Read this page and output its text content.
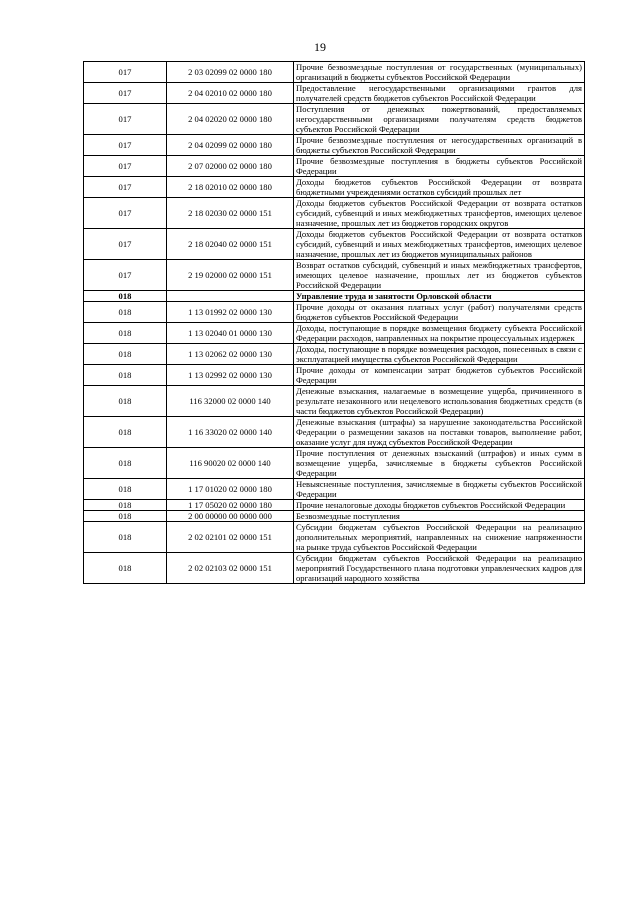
19
017	2 03 02099 02 0000 180	Прочие безвозмездные поступления от государственных (муниципальных) организаций в бюджеты субъектов Российской Федерации
017	2 04 02010 02 0000 180	Предоставление негосударственными организациями грантов для получателей средств бюджетов субъектов Российской Федерации
017	2 04 02020 02 0000 180	Поступления от денежных пожертвований, предоставляемых негосударственными организациями получателям средств бюджетов субъектов Российской Федерации
017	2 04 02099 02 0000 180	Прочие безвозмездные поступления от негосударственных организаций в бюджеты субъектов Российской Федерации
017	2 07 02000 02 0000 180	Прочие безвозмездные поступления в бюджеты субъектов Российской Федерации
017	2 18 02010 02 0000 180	Доходы бюджетов субъектов Российской Федерации от возврата бюджетными учреждениями остатков субсидий прошлых лет
017	2 18 02030 02 0000 151	Доходы бюджетов субъектов Российской Федерации от возврата остатков субсидий, субвенций и иных межбюджетных трансфертов, имеющих целевое назначение, прошлых лет из бюджетов городских округов
017	2 18 02040 02 0000 151	Доходы бюджетов субъектов Российской Федерации от возврата остатков субсидий, субвенций и иных межбюджетных трансфертов, имеющих целевое назначение, прошлых лет из бюджетов муниципальных районов
017	2 19 02000 02 0000 151	Возврат остатков субсидий, субвенций и иных межбюджетных трансфертов, имеющих целевое назначение, прошлых лет из бюджетов субъектов Российской Федерации
018		Управление труда и занятости Орловской области
018	1 13 01992 02 0000 130	Прочие доходы от оказания платных услуг (работ) получателями средств бюджетов субъектов Российской Федерации
018	1 13 02040 01 0000 130	Доходы, поступающие в порядке возмещения бюджету субъекта Российской Федерации расходов, направленных на покрытие процессуальных издержек
018	1 13 02062 02 0000 130	Доходы, поступающие в порядке возмещения расходов, понесенных в связи с эксплуатацией имущества субъектов Российской Федерации
018	1 13 02992 02 0000 130	Прочие доходы от компенсации затрат бюджетов субъектов Российской Федерации
018	116 32000 02 0000 140	Денежные взыскания, налагаемые в возмещение ущерба, причиненного в результате незаконного или нецелевого использования бюджетных средств (в части бюджетов субъектов Российской Федерации)
018	1 16 33020 02 0000 140	Денежные взыскания (штрафы) за нарушение законодательства Российской Федерации о размещении заказов на поставки товаров, выполнение работ, оказание услуг для нужд субъектов Российской Федерации
018	116 90020 02 0000 140	Прочие поступления от денежных взысканий (штрафов) и иных сумм в возмещение ущерба, зачисляемые в бюджеты субъектов Российской Федерации
018	1 17 01020 02 0000 180	Невыясненные поступления, зачисляемые в бюджеты субъектов Российской Федерации
018	1 17 05020 02 0000 180	Прочие неналоговые доходы бюджетов субъектов Российской Федерации
018	2 00 00000 00 0000 000	Безвозмездные поступления
018	2 02 02101 02 0000 151	Субсидии бюджетам субъектов Российской Федерации на реализацию дополнительных мероприятий, направленных на снижение напряженности на рынке труда субъектов Российской Федерации
018	2 02 02103 02 0000 151	Субсидии бюджетам субъектов Российской Федерации на реализацию мероприятий Государственного плана подготовки управленческих кадров для организаций народного хозяйства
